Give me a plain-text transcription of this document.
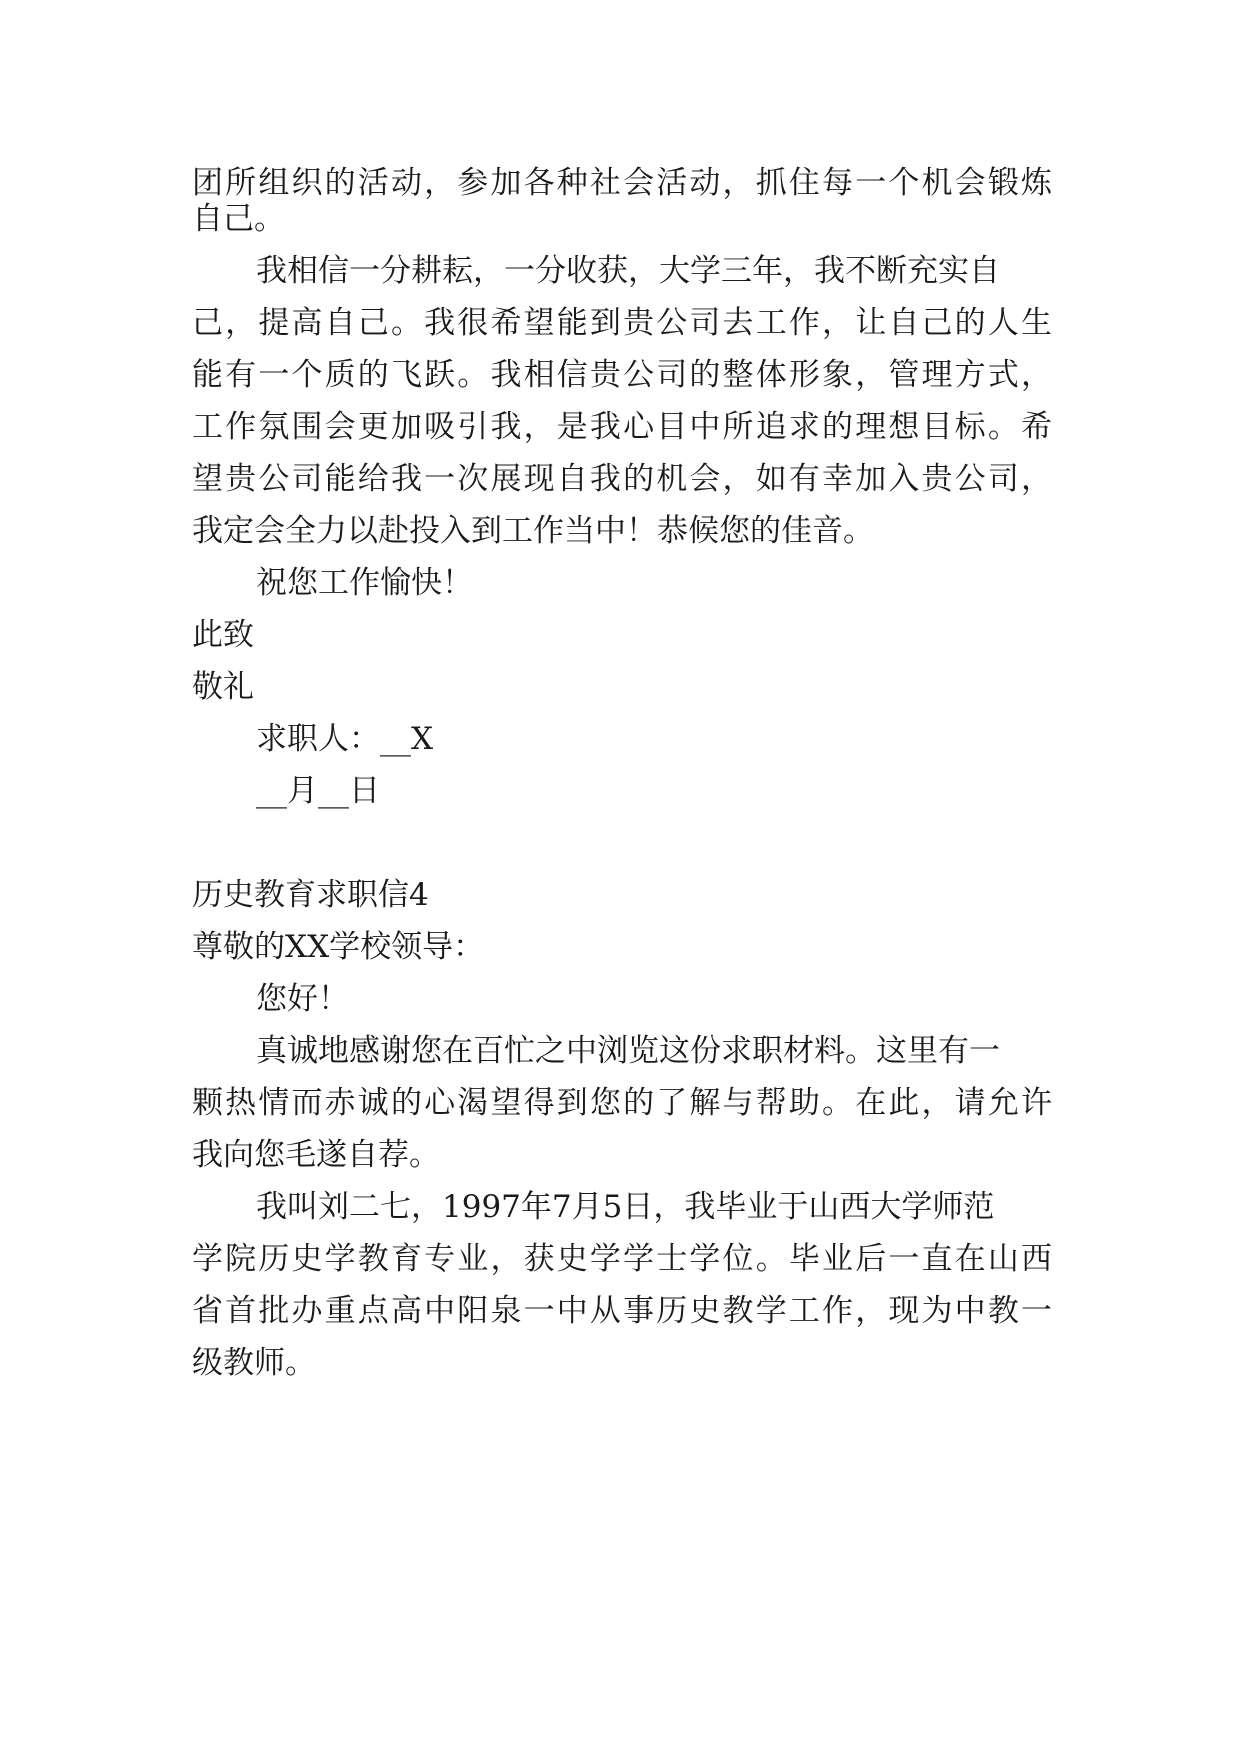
团所组织的活动，参加各种社会活动，抓住每一个机会锻炼
自己。
我相信一分耕耘，一分收获，大学三年，我不断充实自
己，提高自己。我很希望能到贵公司去工作，让自己的人生
能有一个质的飞跃。我相信贵公司的整体形象，管理方式，
工作氛围会更加吸引我，是我心目中所追求的理想目标。希
望贵公司能给我一次展现自我的机会，如有幸加入贵公司，
我定会全力以赴投入到工作当中！恭候您的佳音。
祝您工作愉快！
此致
敬礼
求职人：__X
__月__日
历史教育求职信4
尊敬的XX学校领导：
您好！
真诚地感谢您在百忙之中浏览这份求职材料。这里有一
颗热情而赤诚的心渴望得到您的了解与帮助。在此，请允许
我向您毛遂自荐。
我叫刘二七，1997年7月5日，我毕业于山西大学师范
学院历史学教育专业，获史学学士学位。毕业后一直在山西
省首批办重点高中阳泉一中从事历史教学工作，现为中教一
级教师。
